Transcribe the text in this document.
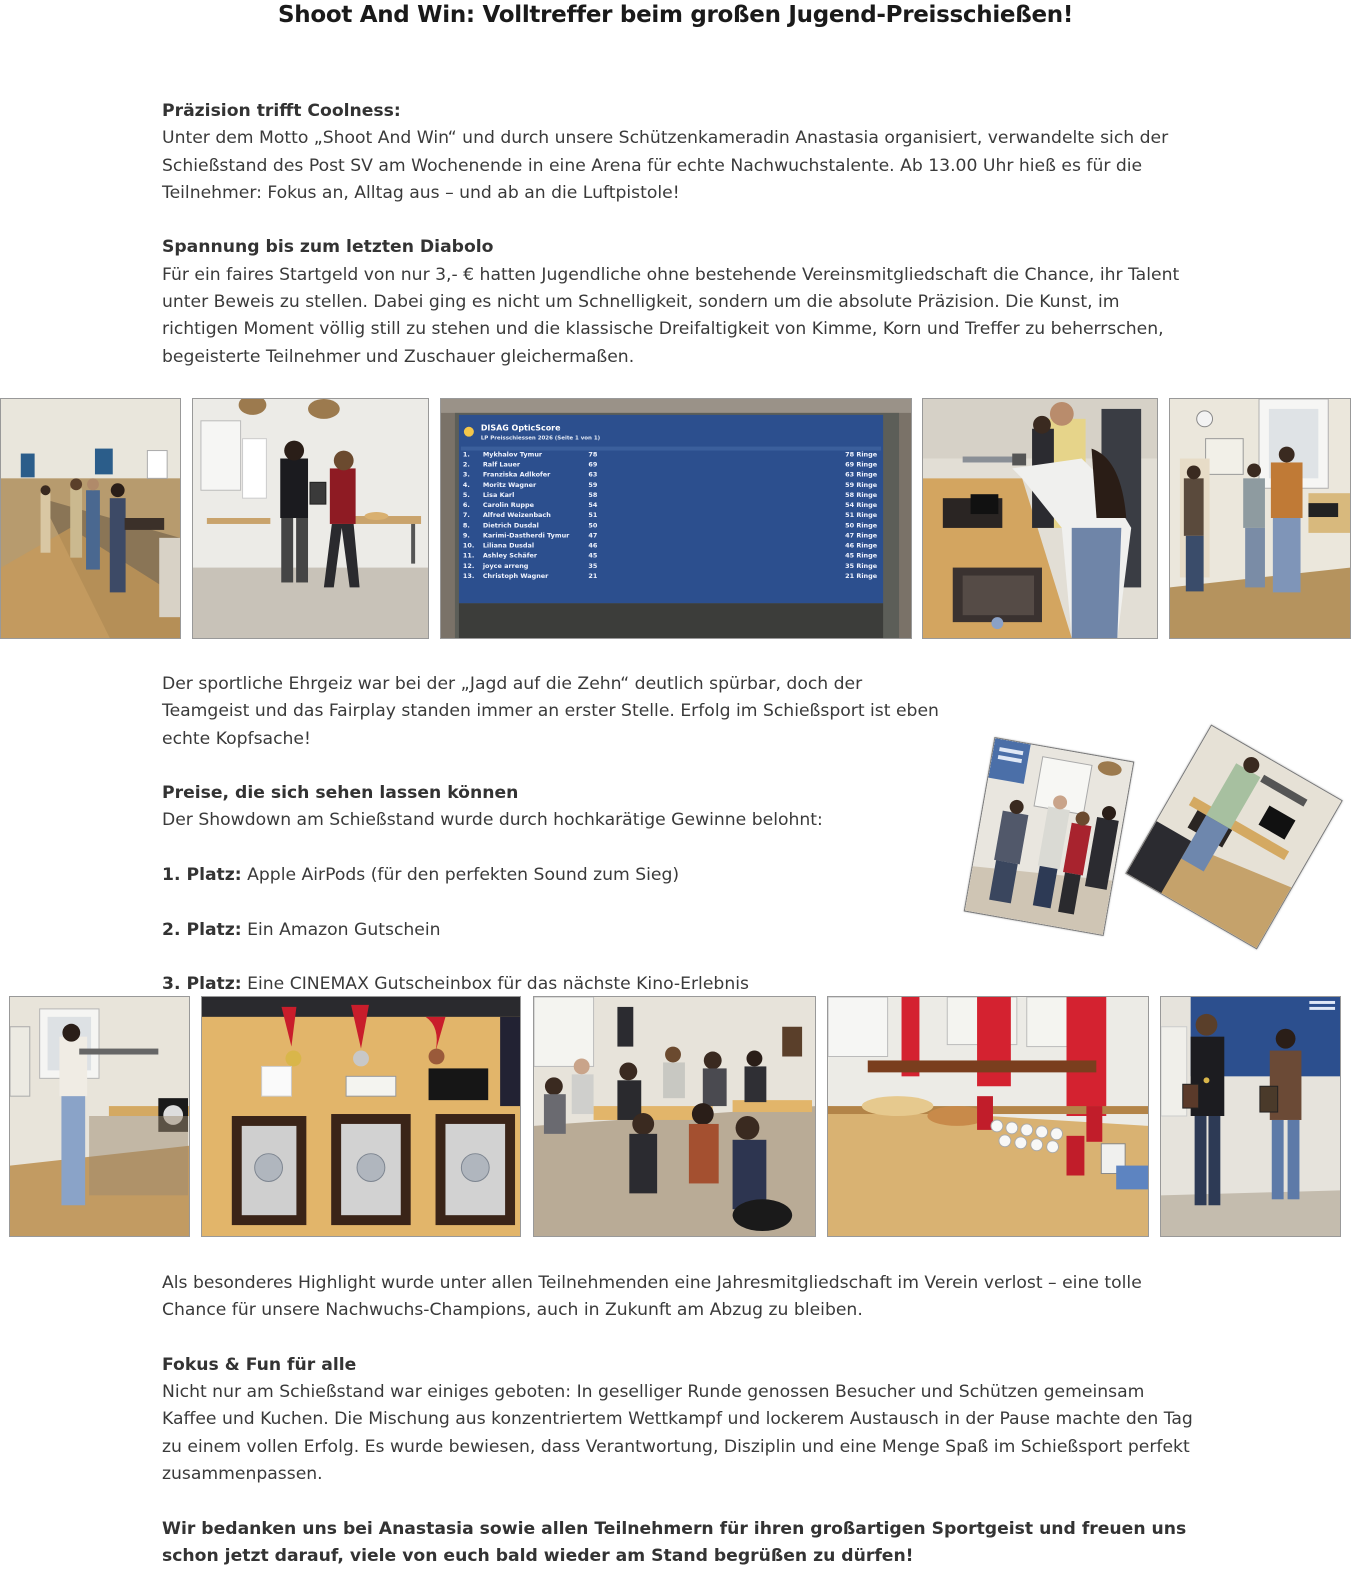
Shoot And Win: Volltreffer beim großen Jugend-Preisschießen!

Präzision trifft Coolness:

Unter dem Motto „Shoot And Win“ und durch unsere Schützenkameradin Anastasia organisiert, verwandelte sich der Schießstand des Post SV am Wochenende in eine Arena für echte Nachwuchstalente. Ab 13.00 Uhr hieß es für die Teilnehmer: Fokus an, Alltag aus – und ab an die Luftpistole!

Spannung bis zum letzten Diabolo

Für ein faires Startgeld von nur 3,- € hatten Jugendliche ohne bestehende Vereinsmitgliedschaft die Chance, ihr Talent unter Beweis zu stellen. Dabei ging es nicht um Schnelligkeit, sondern um die absolute Präzision. Die Kunst, im richtigen Moment völlig still zu stehen und die klassische Dreifaltigkeit von Kimme, Korn und Treffer zu beherrschen, begeisterte Teilnehmer und Zuschauer gleichermaßen.

DISAG OpticScore
LP Preisschiessen 2026 (Seite 1 von 1)
1. Mykhalov Tymur	78	78 Ringe
2. Ralf Lauer	69	69 Ringe
3. Franziska Adlkofer	63	63 Ringe
4. Moritz Wagner	59	59 Ringe
5. Lisa Karl	58	58 Ringe
6. Carolin Ruppe	54	54 Ringe
7. Alfred Weizenbach	51	51 Ringe
8. Dietrich Dusdal	50	50 Ringe
9. Karimi-Dastherdi Tymur	47	47 Ringe
10. Liliana Dusdal	46	46 Ringe
11. Ashley Schäfer	45	45 Ringe
12. joyce arreng	35	35 Ringe
13. Christoph Wagner	21	21 Ringe

Der sportliche Ehrgeiz war bei der „Jagd auf die Zehn“ deutlich spürbar, doch der Teamgeist und das Fairplay standen immer an erster Stelle. Erfolg im Schießsport ist eben echte Kopfsache!

Preise, die sich sehen lassen können

Der Showdown am Schießstand wurde durch hochkarätige Gewinne belohnt:

1. Platz: Apple AirPods (für den perfekten Sound zum Sieg)

2. Platz: Ein Amazon Gutschein

3. Platz: Eine CINEMAX Gutscheinbox für das nächste Kino-Erlebnis

Als besonderes Highlight wurde unter allen Teilnehmenden eine Jahresmitgliedschaft im Verein verlost – eine tolle Chance für unsere Nachwuchs-Champions, auch in Zukunft am Abzug zu bleiben.

Fokus & Fun für alle

Nicht nur am Schießstand war einiges geboten: In geselliger Runde genossen Besucher und Schützen gemeinsam Kaffee und Kuchen. Die Mischung aus konzentriertem Wettkampf und lockerem Austausch in der Pause machte den Tag zu einem vollen Erfolg. Es wurde bewiesen, dass Verantwortung, Disziplin und eine Menge Spaß im Schießsport perfekt zusammenpassen.

Wir bedanken uns bei Anastasia sowie allen Teilnehmern für ihren großartigen Sportgeist und freuen uns schon jetzt darauf, viele von euch bald wieder am Stand begrüßen zu dürfen!
